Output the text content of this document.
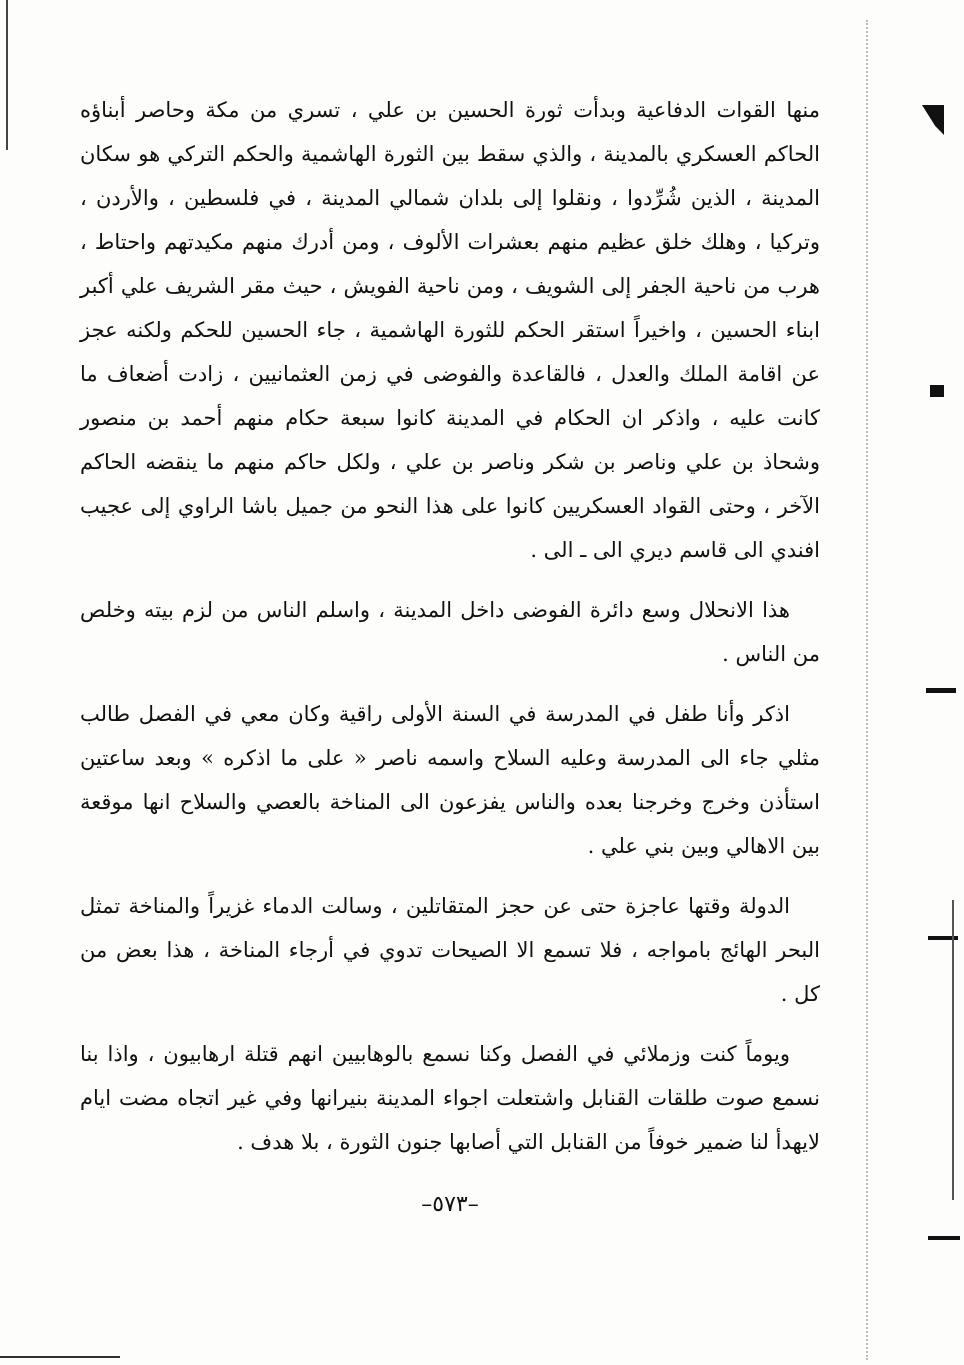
منها القوات الدفاعية وبدأت ثورة الحسين بن علي ، تسري من مكة وحاصر أبناؤه الحاكم العسكري بالمدينة ، والذي سقط بين الثورة الهاشمية والحكم التركي هو سكان المدينة ، الذين شُرِّدوا ، ونقلوا إلى بلدان شمالي المدينة ، في فلسطين ، والأردن ، وتركيا ، وهلك خلق عظيم منهم بعشرات الألوف ، ومن أدرك منهم مكيدتهم واحتاط ، هرب من ناحية الجفر إلى الشويف ، ومن ناحية الفويش ، حيث مقر الشريف علي أكبر ابناء الحسين ، واخيراً استقر الحكم للثورة الهاشمية ، جاء الحسين للحكم ولكنه عجز عن اقامة الملك والعدل ، فالقاعدة والفوضى في زمن العثمانيين ، زادت أضعاف ما كانت عليه ، واذكر ان الحكام في المدينة كانوا سبعة حكام منهم أحمد بن منصور وشحاذ بن علي وناصر بن شكر وناصر بن علي ، ولكل حاكم منهم ما ينقضه الحاكم الآخر ، وحتى القواد العسكريين كانوا على هذا النحو من جميل باشا الراوي إلى عجيب افندي الى قاسم ديري الى ـ الى .

هذا الانحلال وسع دائرة الفوضى داخل المدينة ، واسلم الناس من لزم بيته وخلص من الناس .

اذكر وأنا طفل في المدرسة في السنة الأولى راقية وكان معي في الفصل طالب مثلي جاء الى المدرسة وعليه السلاح واسمه ناصر « على ما اذكره » وبعد ساعتين استأذن وخرج وخرجنا بعده والناس يفزعون الى المناخة بالعصي والسلاح انها موقعة بين الاهالي وبين بني علي .

الدولة وقتها عاجزة حتى عن حجز المتقاتلين ، وسالت الدماء غزيراً والمناخة تمثل البحر الهائج بامواجه ، فلا تسمع الا الصيحات تدوي في أرجاء المناخة ، هذا بعض من كل .

ويوماً كنت وزملائي في الفصل وكنا نسمع بالوهابيين انهم قتلة ارهابيون ، واذا بنا نسمع صوت طلقات القنابل واشتعلت اجواء المدينة بنيرانها وفي غير اتجاه مضت ايام لايهدأ لنا ضمير خوفاً من القنابل التي أصابها جنون الثورة ، بلا هدف .

–٥٧٣–
